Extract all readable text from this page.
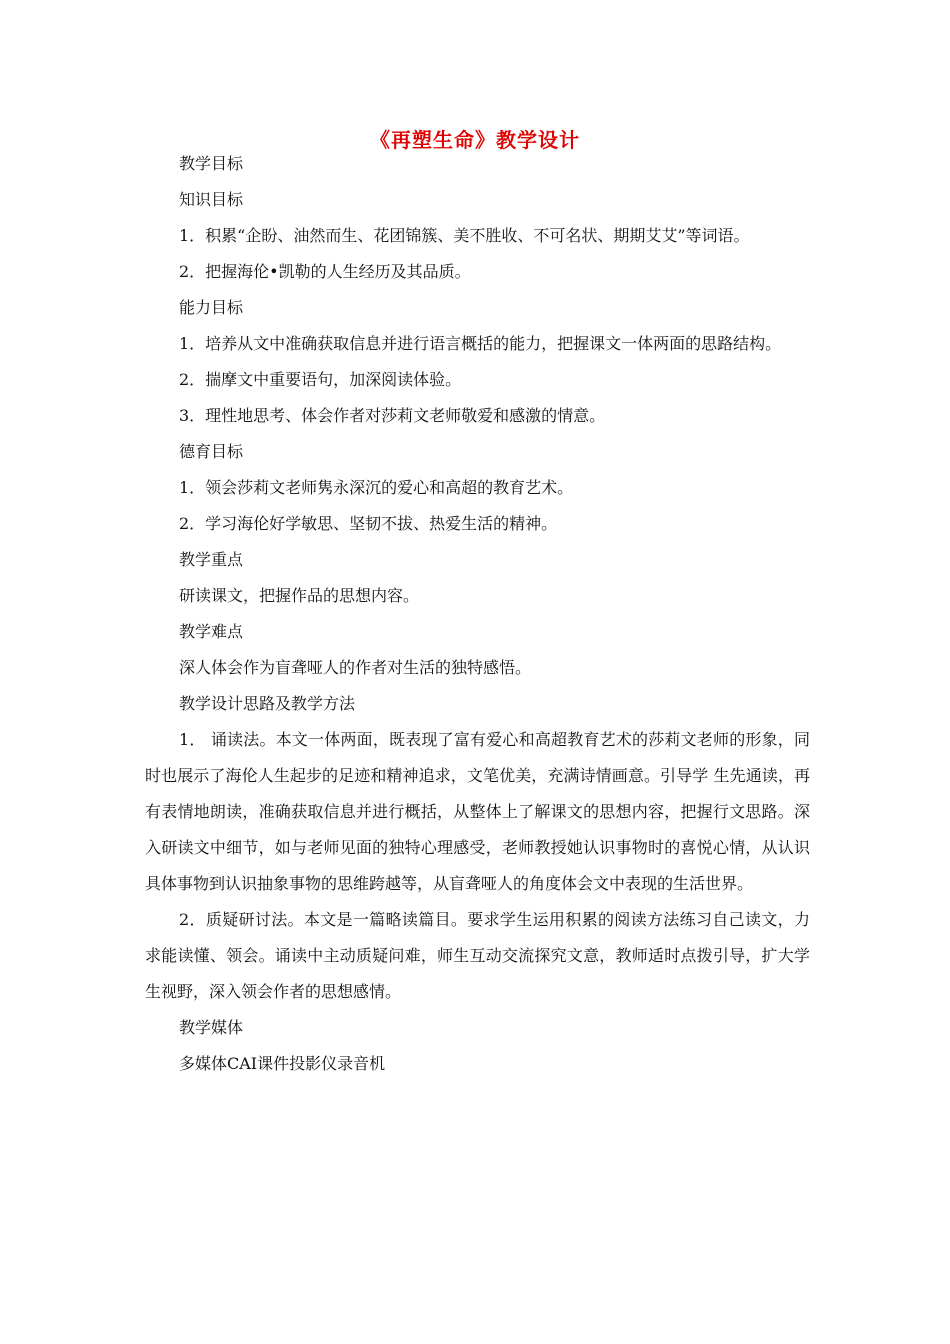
《再塑生命》教学设计
教学目标
知识目标
1．积累“企盼、油然而生、花团锦簇、美不胜收、不可名状、期期艾艾”等词语。
2．把握海伦•凯勒的人生经历及其品质。
能力目标
1．培养从文中准确获取信息并进行语言概括的能力，把握课文一体两面的思路结构。
2．揣摩文中重要语句，加深阅读体验。
3．理性地思考、体会作者对莎莉文老师敬爱和感激的情意。
德育目标
1．领会莎莉文老师隽永深沉的爱心和高超的教育艺术。
2．学习海伦好学敏思、坚韧不拔、热爱生活的精神。
教学重点
研读课文，把握作品的思想内容。
教学难点
深人体会作为盲聋哑人的作者对生活的独特感悟。
教学设计思路及教学方法
1． 诵读法。本文一体两面，既表现了富有爱心和高超教育艺术的莎莉文老师的形象，同时也展示了海伦人生起步的足迹和精神追求，文笔优美，充满诗情画意。引导学 生先通读，再有表情地朗读，准确获取信息并进行概括，从整体上了解课文的思想内容，把握行文思路。深入研读文中细节，如与老师见面的独特心理感受，老师教授她认识事物时的喜悦心情，从认识具体事物到认识抽象事物的思维跨越等，从盲聋哑人的角度体会文中表现的生活世界。
2．质疑研讨法。本文是一篇略读篇目。要求学生运用积累的阅读方法练习自己读文，力求能读懂、领会。诵读中主动质疑问难，师生互动交流探究文意，教师适时点拨引导，扩大学生视野，深入领会作者的思想感情。
教学媒体
多媒体CAI课件投影仪录音机
